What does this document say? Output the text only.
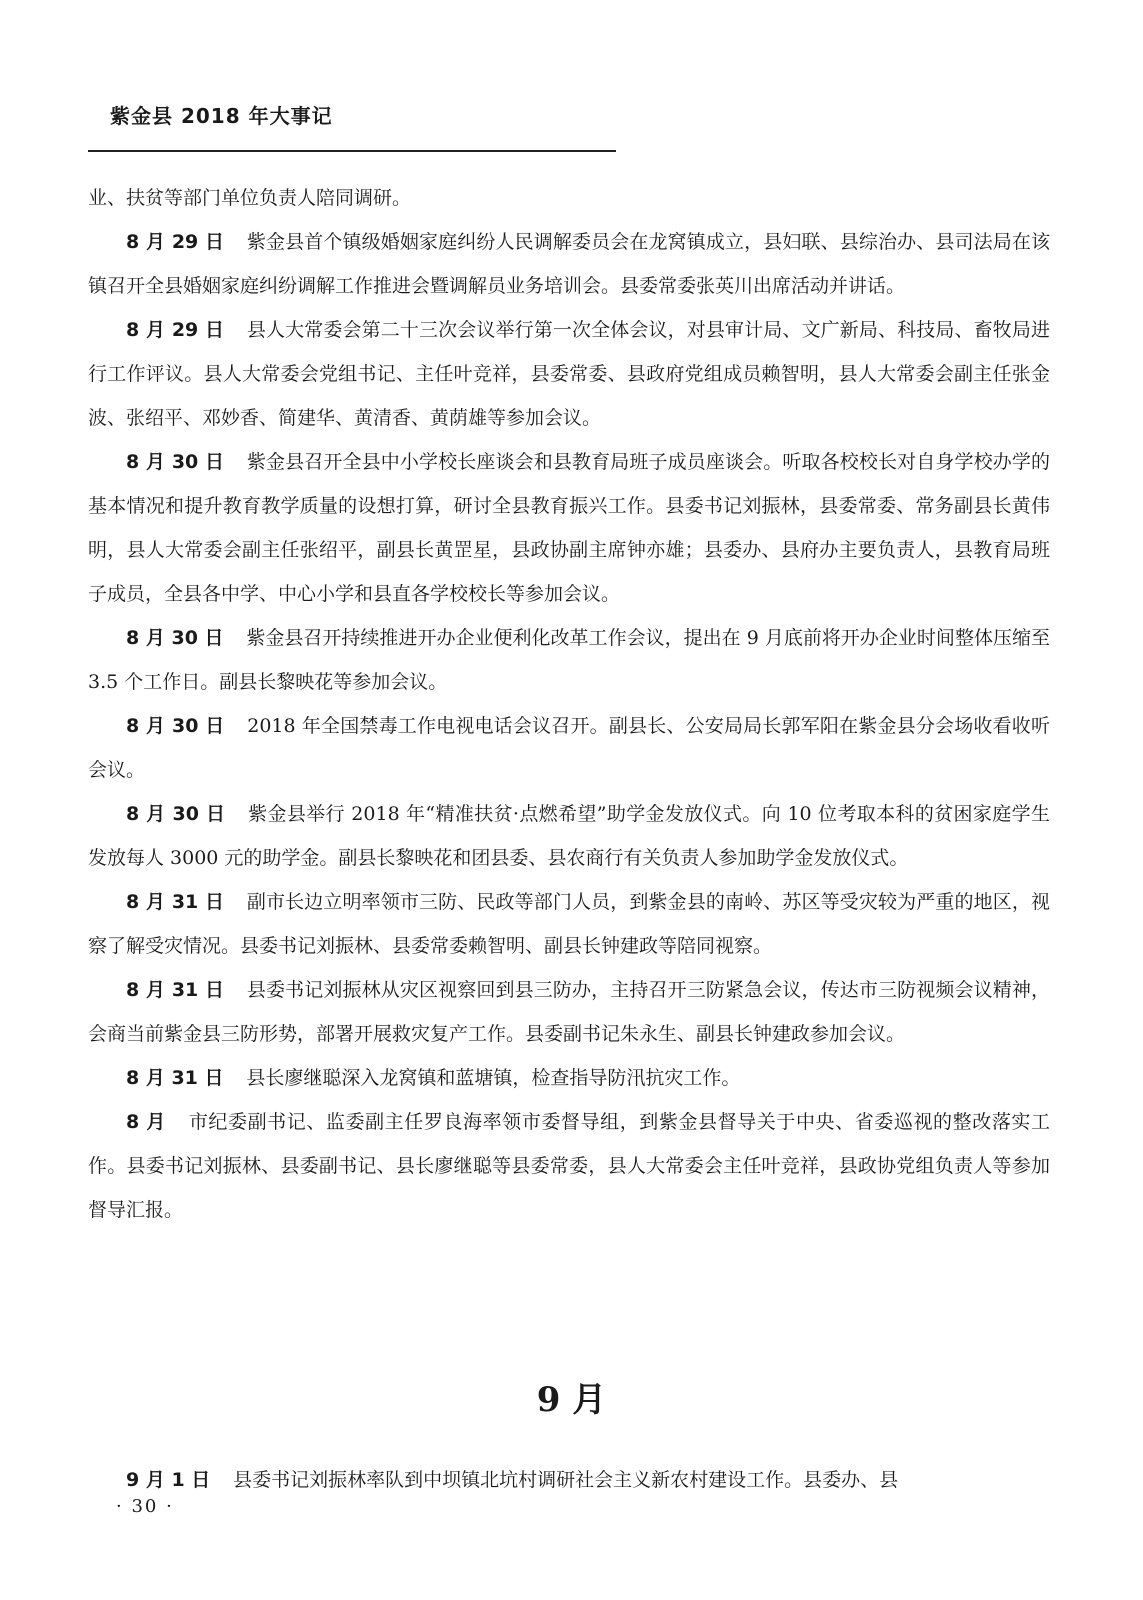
紫金县 2018 年大事记

业、扶贫等部门单位负责人陪同调研。

8 月 29 日 紫金县首个镇级婚姻家庭纠纷人民调解委员会在龙窝镇成立，县妇联、县综治办、县司法局在该镇召开全县婚姻家庭纠纷调解工作推进会暨调解员业务培训会。县委常委张英川出席活动并讲话。

8 月 29 日 县人大常委会第二十三次会议举行第一次全体会议，对县审计局、文广新局、科技局、畜牧局进行工作评议。县人大常委会党组书记、主任叶竞祥，县委常委、县政府党组成员赖智明，县人大常委会副主任张金波、张绍平、邓妙香、简建华、黄清香、黄荫雄等参加会议。

8 月 30 日 紫金县召开全县中小学校长座谈会和县教育局班子成员座谈会。听取各校校长对自身学校办学的基本情况和提升教育教学质量的设想打算，研讨全县教育振兴工作。县委书记刘振林，县委常委、常务副县长黄伟明，县人大常委会副主任张绍平，副县长黄罡星，县政协副主席钟亦雄；县委办、县府办主要负责人，县教育局班子成员，全县各中学、中心小学和县直各学校校长等参加会议。

8 月 30 日 紫金县召开持续推进开办企业便利化改革工作会议，提出在 9 月底前将开办企业时间整体压缩至 3.5 个工作日。副县长黎映花等参加会议。

8 月 30 日 2018 年全国禁毒工作电视电话会议召开。副县长、公安局局长郭军阳在紫金县分会场收看收听会议。

8 月 30 日 紫金县举行 2018 年“精准扶贫·点燃希望”助学金发放仪式。向 10 位考取本科的贫困家庭学生发放每人 3000 元的助学金。副县长黎映花和团县委、县农商行有关负责人参加助学金发放仪式。

8 月 31 日 副市长边立明率领市三防、民政等部门人员，到紫金县的南岭、苏区等受灾较为严重的地区，视察了解受灾情况。县委书记刘振林、县委常委赖智明、副县长钟建政等陪同视察。

8 月 31 日 县委书记刘振林从灾区视察回到县三防办，主持召开三防紧急会议，传达市三防视频会议精神，会商当前紫金县三防形势，部署开展救灾复产工作。县委副书记朱永生、副县长钟建政参加会议。

8 月 31 日 县长廖继聪深入龙窝镇和蓝塘镇，检查指导防汛抗灾工作。

8 月 市纪委副书记、监委副主任罗良海率领市委督导组，到紫金县督导关于中央、省委巡视的整改落实工作。县委书记刘振林、县委副书记、县长廖继聪等县委常委，县人大常委会主任叶竞祥，县政协党组负责人等参加督导汇报。

9 月

9 月 1 日 县委书记刘振林率队到中坝镇北坑村调研社会主义新农村建设工作。县委办、县

· 30 ·
